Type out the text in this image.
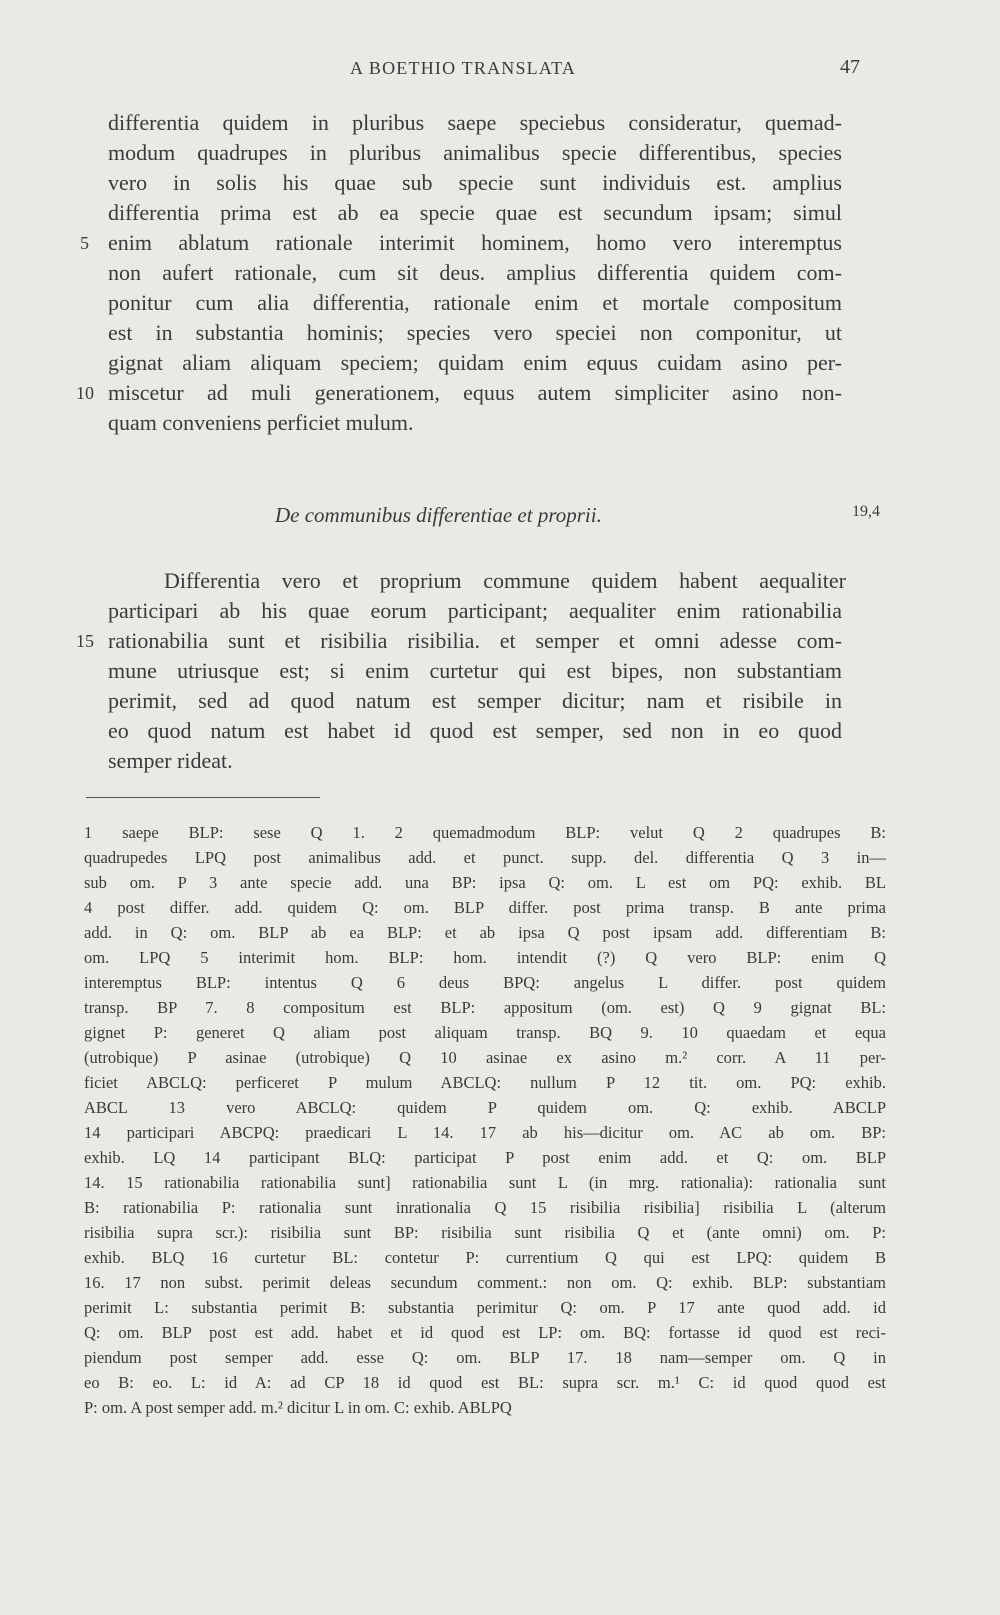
A BOETHIO TRANSLATA	47
differentia quidem in pluribus saepe speciebus consideratur, quemad-
modum quadrupes in pluribus animalibus specie differentibus, species
vero in solis his quae sub specie sunt individuis est. amplius
differentia prima est ab ea specie quae est secundum ipsam; simul
enim ablatum rationale interimit hominem, homo vero interemptus
non aufert rationale, cum sit deus. amplius differentia quidem com-
ponitur cum alia differentia, rationale enim et mortale compositum
est in substantia hominis; species vero speciei non componitur, ut
gignat aliam aliquam speciem; quidam enim equus cuidam asino per-
miscetur ad muli generationem, equus autem simpliciter asino non-
quam conveniens perficiet mulum.
5
10
De communibus differentiae et proprii.	19,4
Differentia vero et proprium commune quidem habent aequaliter
participari ab his quae eorum participant; aequaliter enim rationabilia
rationabilia sunt et risibilia risibilia. et semper et omni adesse com-
mune utriusque est; si enim curtetur qui est bipes, non substantiam
perimit, sed ad quod natum est semper dicitur; nam et risibile in
eo quod natum est habet id quod est semper, sed non in eo quod
semper rideat.
15
1 saepe BLP: sese Q 1. 2 quemadmodum BLP: velut Q 2 quadrupes B:
quadrupedes LPQ post animalibus add. et punct. supp. del. differentia Q 3 in—
sub om. P 3 ante specie add. una BP: ipsa Q: om. L est om PQ: exhib. BL
4 post differ. add. quidem Q: om. BLP differ. post prima transp. B ante prima
add. in Q: om. BLP ab ea BLP: et ab ipsa Q post ipsam add. differentiam B:
om. LPQ 5 interimit hom. BLP: hom. intendit (?) Q vero BLP: enim Q
interemptus BLP: intentus Q 6 deus BPQ: angelus L differ. post quidem
transp. BP 7. 8 compositum est BLP: appositum (om. est) Q 9 gignat BL:
gignet P: generet Q aliam post aliquam transp. BQ 9. 10 quaedam et equa
(utrobique) P asinae (utrobique) Q 10 asinae ex asino m.² corr. A 11 per-
ficiet ABCLQ: perficeret P mulum ABCLQ: nullum P 12 tit. om. PQ: exhib.
ABCL 13 vero ABCLQ: quidem P quidem om. Q: exhib. ABCLP
14 participari ABCPQ: praedicari L 14. 17 ab his—dicitur om. AC ab om. BP:
exhib. LQ 14 participant BLQ: participat P post enim add. et Q: om. BLP
14. 15 rationabilia rationabilia sunt] rationabilia sunt L (in mrg. rationalia): rationalia sunt
B: rationabilia P: rationalia sunt inrationalia Q 15 risibilia risibilia] risibilia L (alterum
risibilia supra scr.): risibilia sunt BP: risibilia sunt risibilia Q et (ante omni) om. P:
exhib. BLQ 16 curtetur BL: contetur P: currentium Q qui est LPQ: quidem B
16. 17 non subst. perimit deleas secundum comment.: non om. Q: exhib. BLP: substantiam
perimit L: substantia perimit B: substantia perimitur Q: om. P 17 ante quod add. id
Q: om. BLP post est add. habet et id quod est LP: om. BQ: fortasse id quod est reci-
piendum post semper add. esse Q: om. BLP 17. 18 nam—semper om. Q in
eo B: eo. L: id A: ad CP 18 id quod est BL: supra scr. m.¹ C: id quod quod est
P: om. A post semper add. m.² dicitur L in om. C: exhib. ABLPQ
